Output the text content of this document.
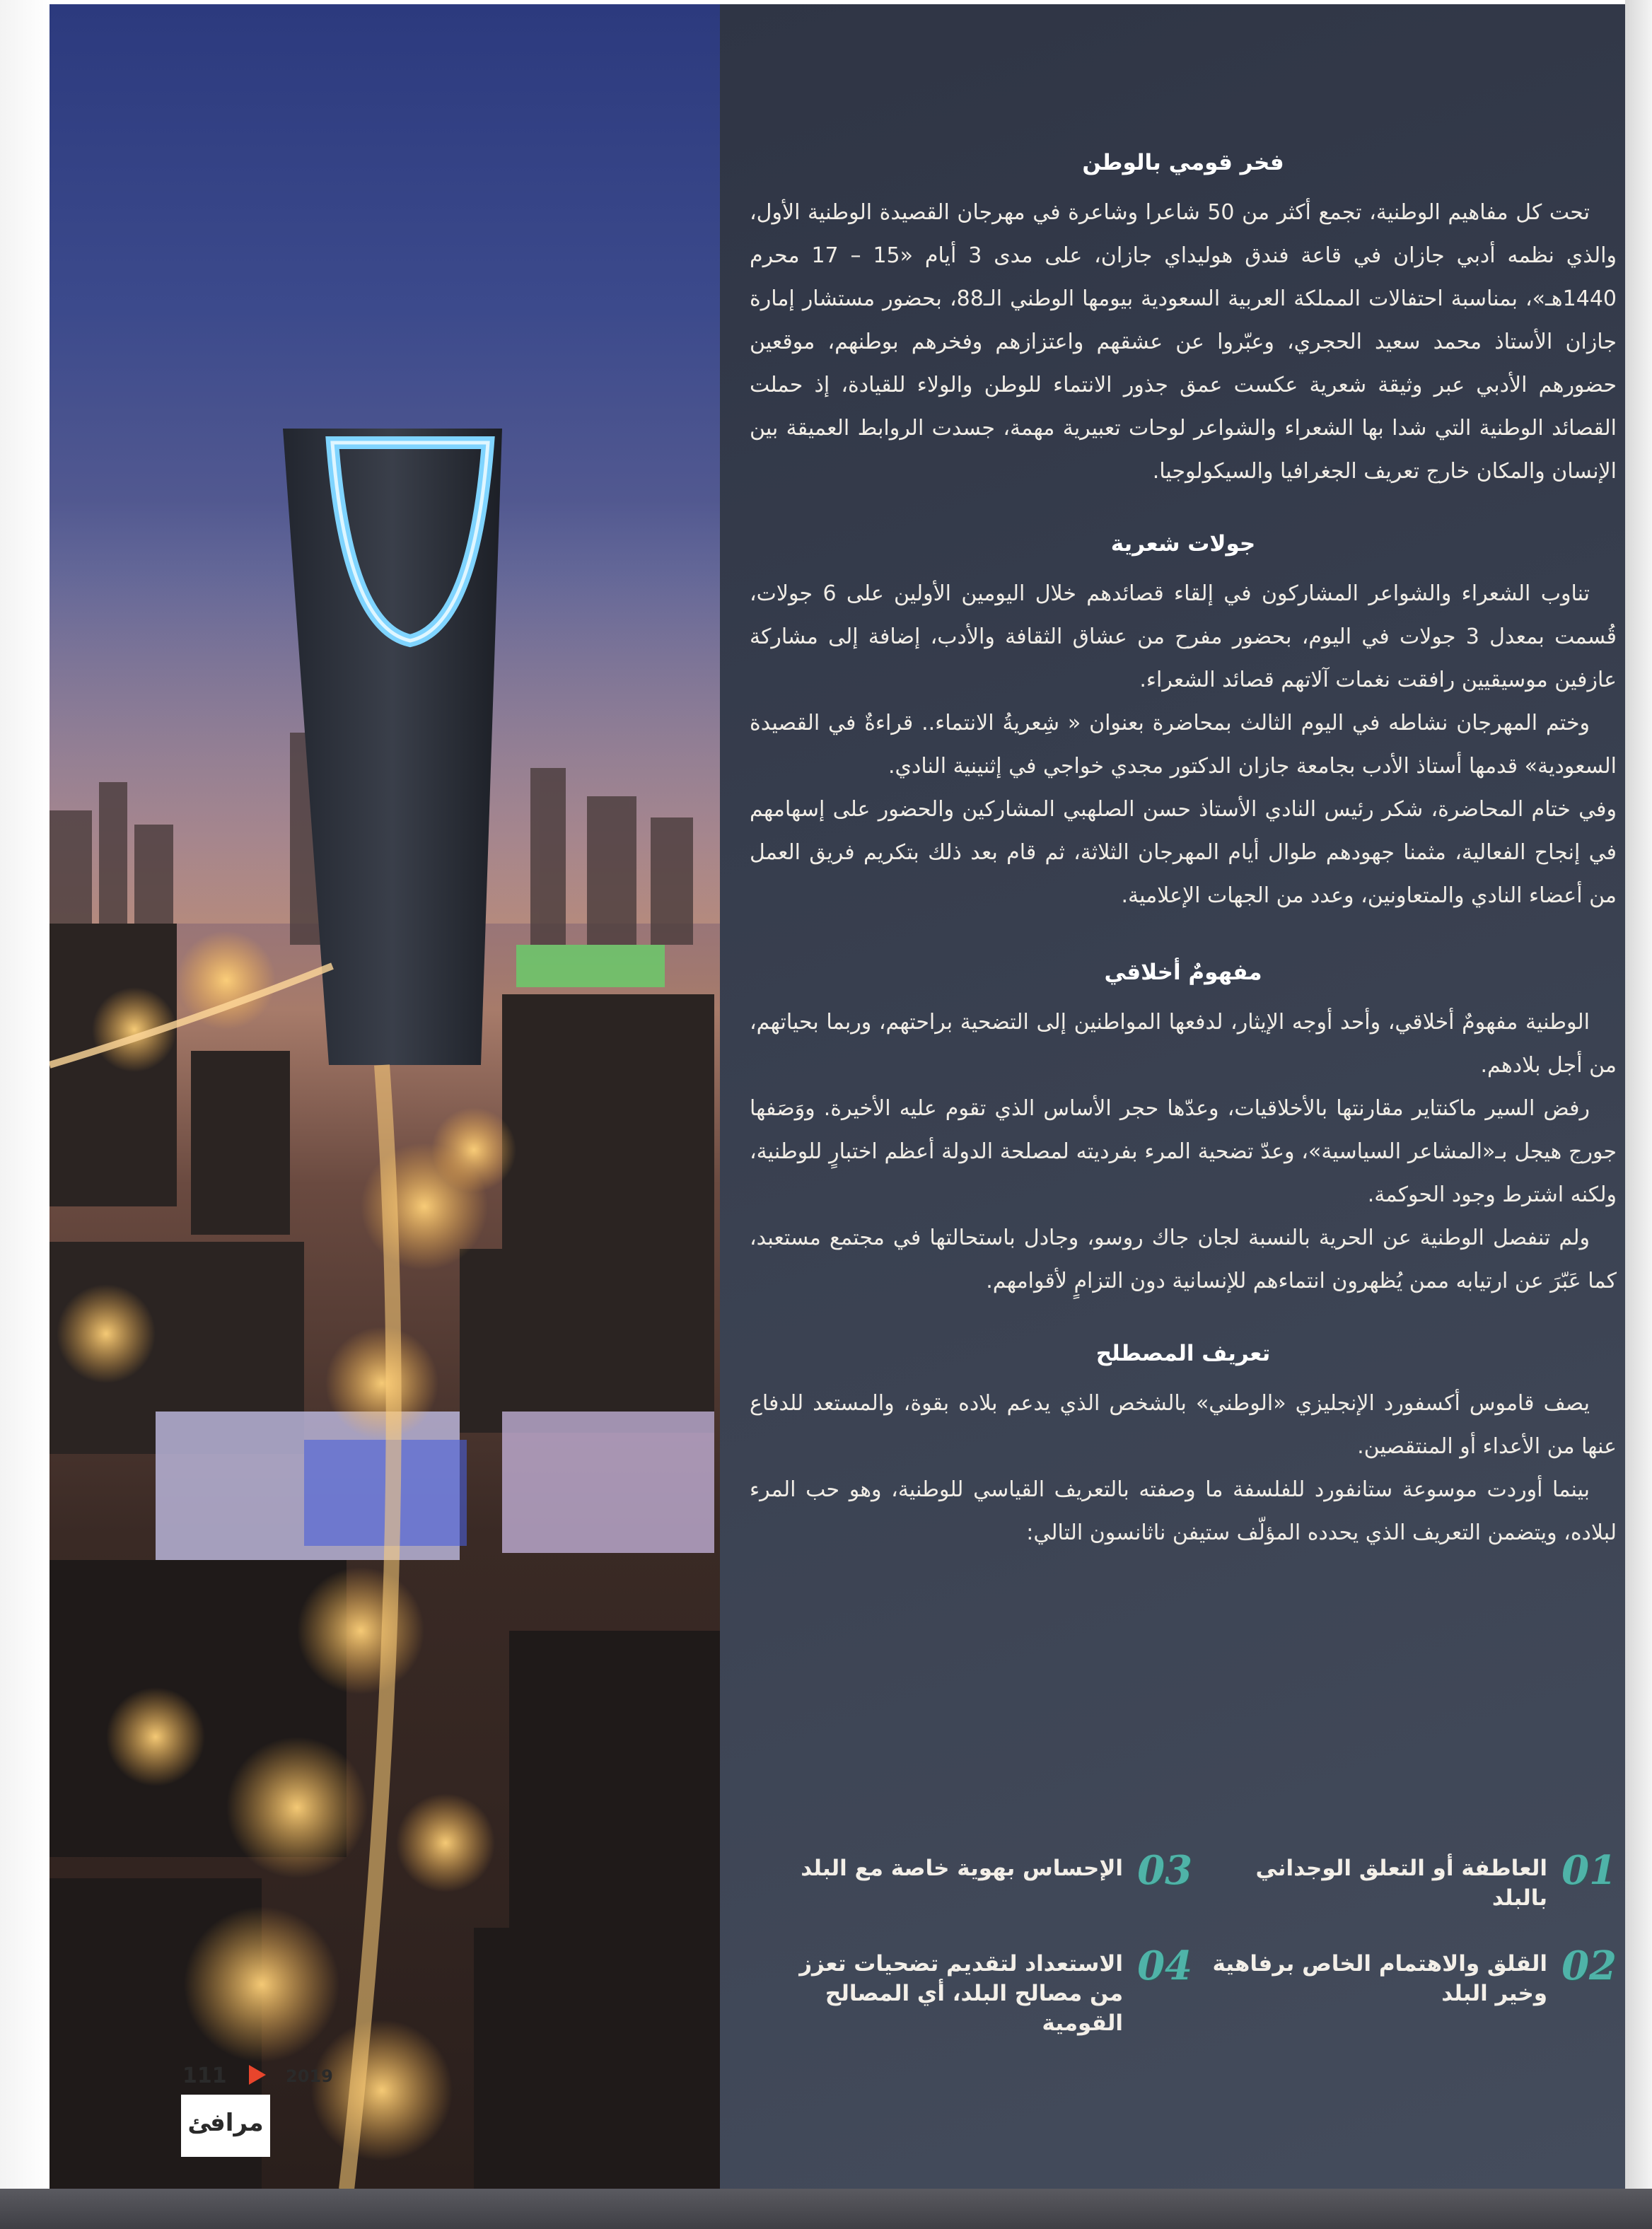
فخر قومي بالوطن

تحت كل مفاهيم الوطنية، تجمع أكثر من 50 شاعرا وشاعرة في مهرجان القصيدة الوطنية الأول، والذي نظمه أدبي جازان في قاعة فندق هوليداي جازان، على مدى 3 أيام «15 – 17 محرم 1440هـ»، بمناسبة احتفالات المملكة العربية السعودية بيومها الوطني الـ88، بحضور مستشار إمارة جازان الأستاذ محمد سعيد الحجري، وعبّروا عن عشقهم واعتزازهم وفخرهم بوطنهم، موقعين حضورهم الأدبي عبر وثيقة شعرية عكست عمق جذور الانتماء للوطن والولاء للقيادة، إذ حملت القصائد الوطنية التي شدا بها الشعراء والشواعر لوحات تعبيرية مهمة، جسدت الروابط العميقة بين الإنسان والمكان خارج تعريف الجغرافيا والسيكولوجيا.

جولات شعرية

تناوب الشعراء والشواعر المشاركون في إلقاء قصائدهم خلال اليومين الأولين على 6 جولات، قُسمت بمعدل 3 جولات في اليوم، بحضور مفرح من عشاق الثقافة والأدب، إضافة إلى مشاركة عازفين موسيقيين رافقت نغمات آلاتهم قصائد الشعراء.

وختم المهرجان نشاطه في اليوم الثالث بمحاضرة بعنوان « شِعريةُ الانتماء.. قراءةٌ في القصيدة السعودية» قدمها أستاذ الأدب بجامعة جازان الدكتور مجدي خواجي في إثنينية النادي.

وفي ختام المحاضرة، شكر رئيس النادي الأستاذ حسن الصلهبي المشاركين والحضور على إسهامهم في إنجاح الفعالية، مثمنا جهودهم طوال أيام المهرجان الثلاثة، ثم قام بعد ذلك بتكريم فريق العمل من أعضاء النادي والمتعاونين، وعدد من الجهات الإعلامية.

مفهومٌ أخلاقي

الوطنية مفهومٌ أخلاقي، وأحد أوجه الإيثار، لدفعها المواطنين إلى التضحية براحتهم، وربما بحياتهم، من أجل بلادهم.

رفض السير ماكنتاير مقارنتها بالأخلاقيات، وعدّها حجر الأساس الذي تقوم عليه الأخيرة. ووَصَفها جورج هيجل بـ«المشاعر السياسية»، وعدّ تضحية المرء بفرديته لمصلحة الدولة أعظم اختبارٍ للوطنية، ولكنه اشترط وجود الحوكمة.

ولم تنفصل الوطنية عن الحرية بالنسبة لجان جاك روسو، وجادل باستحالتها في مجتمع مستعبد، كما عَبّرَ عن ارتيابه ممن يُظهرون انتماءهم للإنسانية دون التزامٍ لأقوامهم.

تعريف المصطلح

يصف قاموس أكسفورد الإنجليزي «الوطني» بالشخص الذي يدعم بلاده بقوة، والمستعد للدفاع عنها من الأعداء أو المنتقصين.

بينما أوردت موسوعة ستانفورد للفلسفة ما وصفته بالتعريف القياسي للوطنية، وهو حب المرء لبلاده، ويتضمن التعريف الذي يحدده المؤلّف ستيفن ناثانسون التالي:

01
العاطفة أو التعلق الوجداني بالبلد
02
القلق والاهتمام الخاص برفاهية وخير البلد
03
الإحساس بهوية خاصة مع البلد
04
الاستعداد لتقديم تضحيات تعزز من مصالح البلد، أي المصالح القومية
111	2019

مرافئ
